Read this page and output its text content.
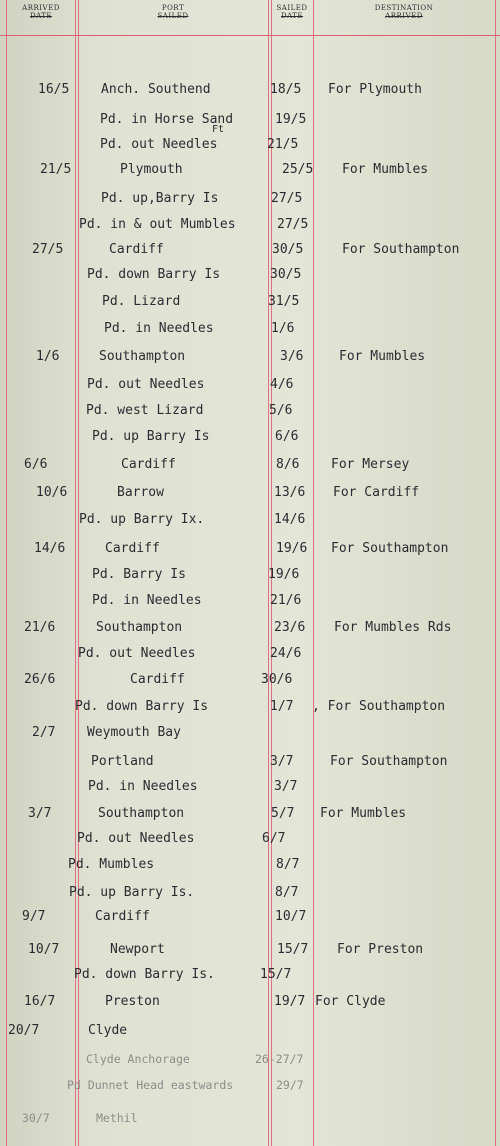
ARRIVED
DATE
PORT
SAILED
SAILED
DATE
DESTINATION
ARRIVED
Ft
16/5 Anch. Southend	18/5 For Plymouth
Pd. in Horse Sand	19/5
Pd. out Needles	21/5
21/5	Plymouth	25/5 For Mumbles
Pd. up,Barry Is	27/5
Pd. in & out Mumbles	27/5
27/5	Cardiff	30/5	For Southampton
Pd. down Barry Is	30/5
Pd. Lizard	31/5
Pd. in Needles	1/6
1/6	Southampton	3/6	For Mumbles
Pd. out Needles	4/6
Pd. west Lizard	5/6
Pd. up Barry Is	6/6
6/6	Cardiff	8/6 For Mersey
10/6	Barrow	13/6 For Cardiff
Pd. up Barry Ix.	14/6
14/6	Cardiff	19/6 For Southampton
Pd. Barry Is	19/6
Pd. in Needles	21/6
21/6	Southampton	23/6 For Mumbles Rds
Pd. out Needles	24/6
26/6	Cardiff	30/6
Pd. down Barry Is	1/7 , For Southampton
2/7 Weymouth Bay
Portland	3/7	For Southampton
Pd. in Needles	3/7
3/7	Southampton	5/7 For Mumbles
Pd. out Needles	6/7
Pd. Mumbles	8/7
Pd. up Barry Is.	8/7
9/7	Cardiff	10/7
10/7	Newport	15/7 For Preston
Pd. down Barry Is.	15/7
16/7	Preston	19/7 For Clyde
20/7	Clyde
Clyde Anchorage	26-27/7
Pd Dunnet Head eastwards	29/7
30/7	Methil
